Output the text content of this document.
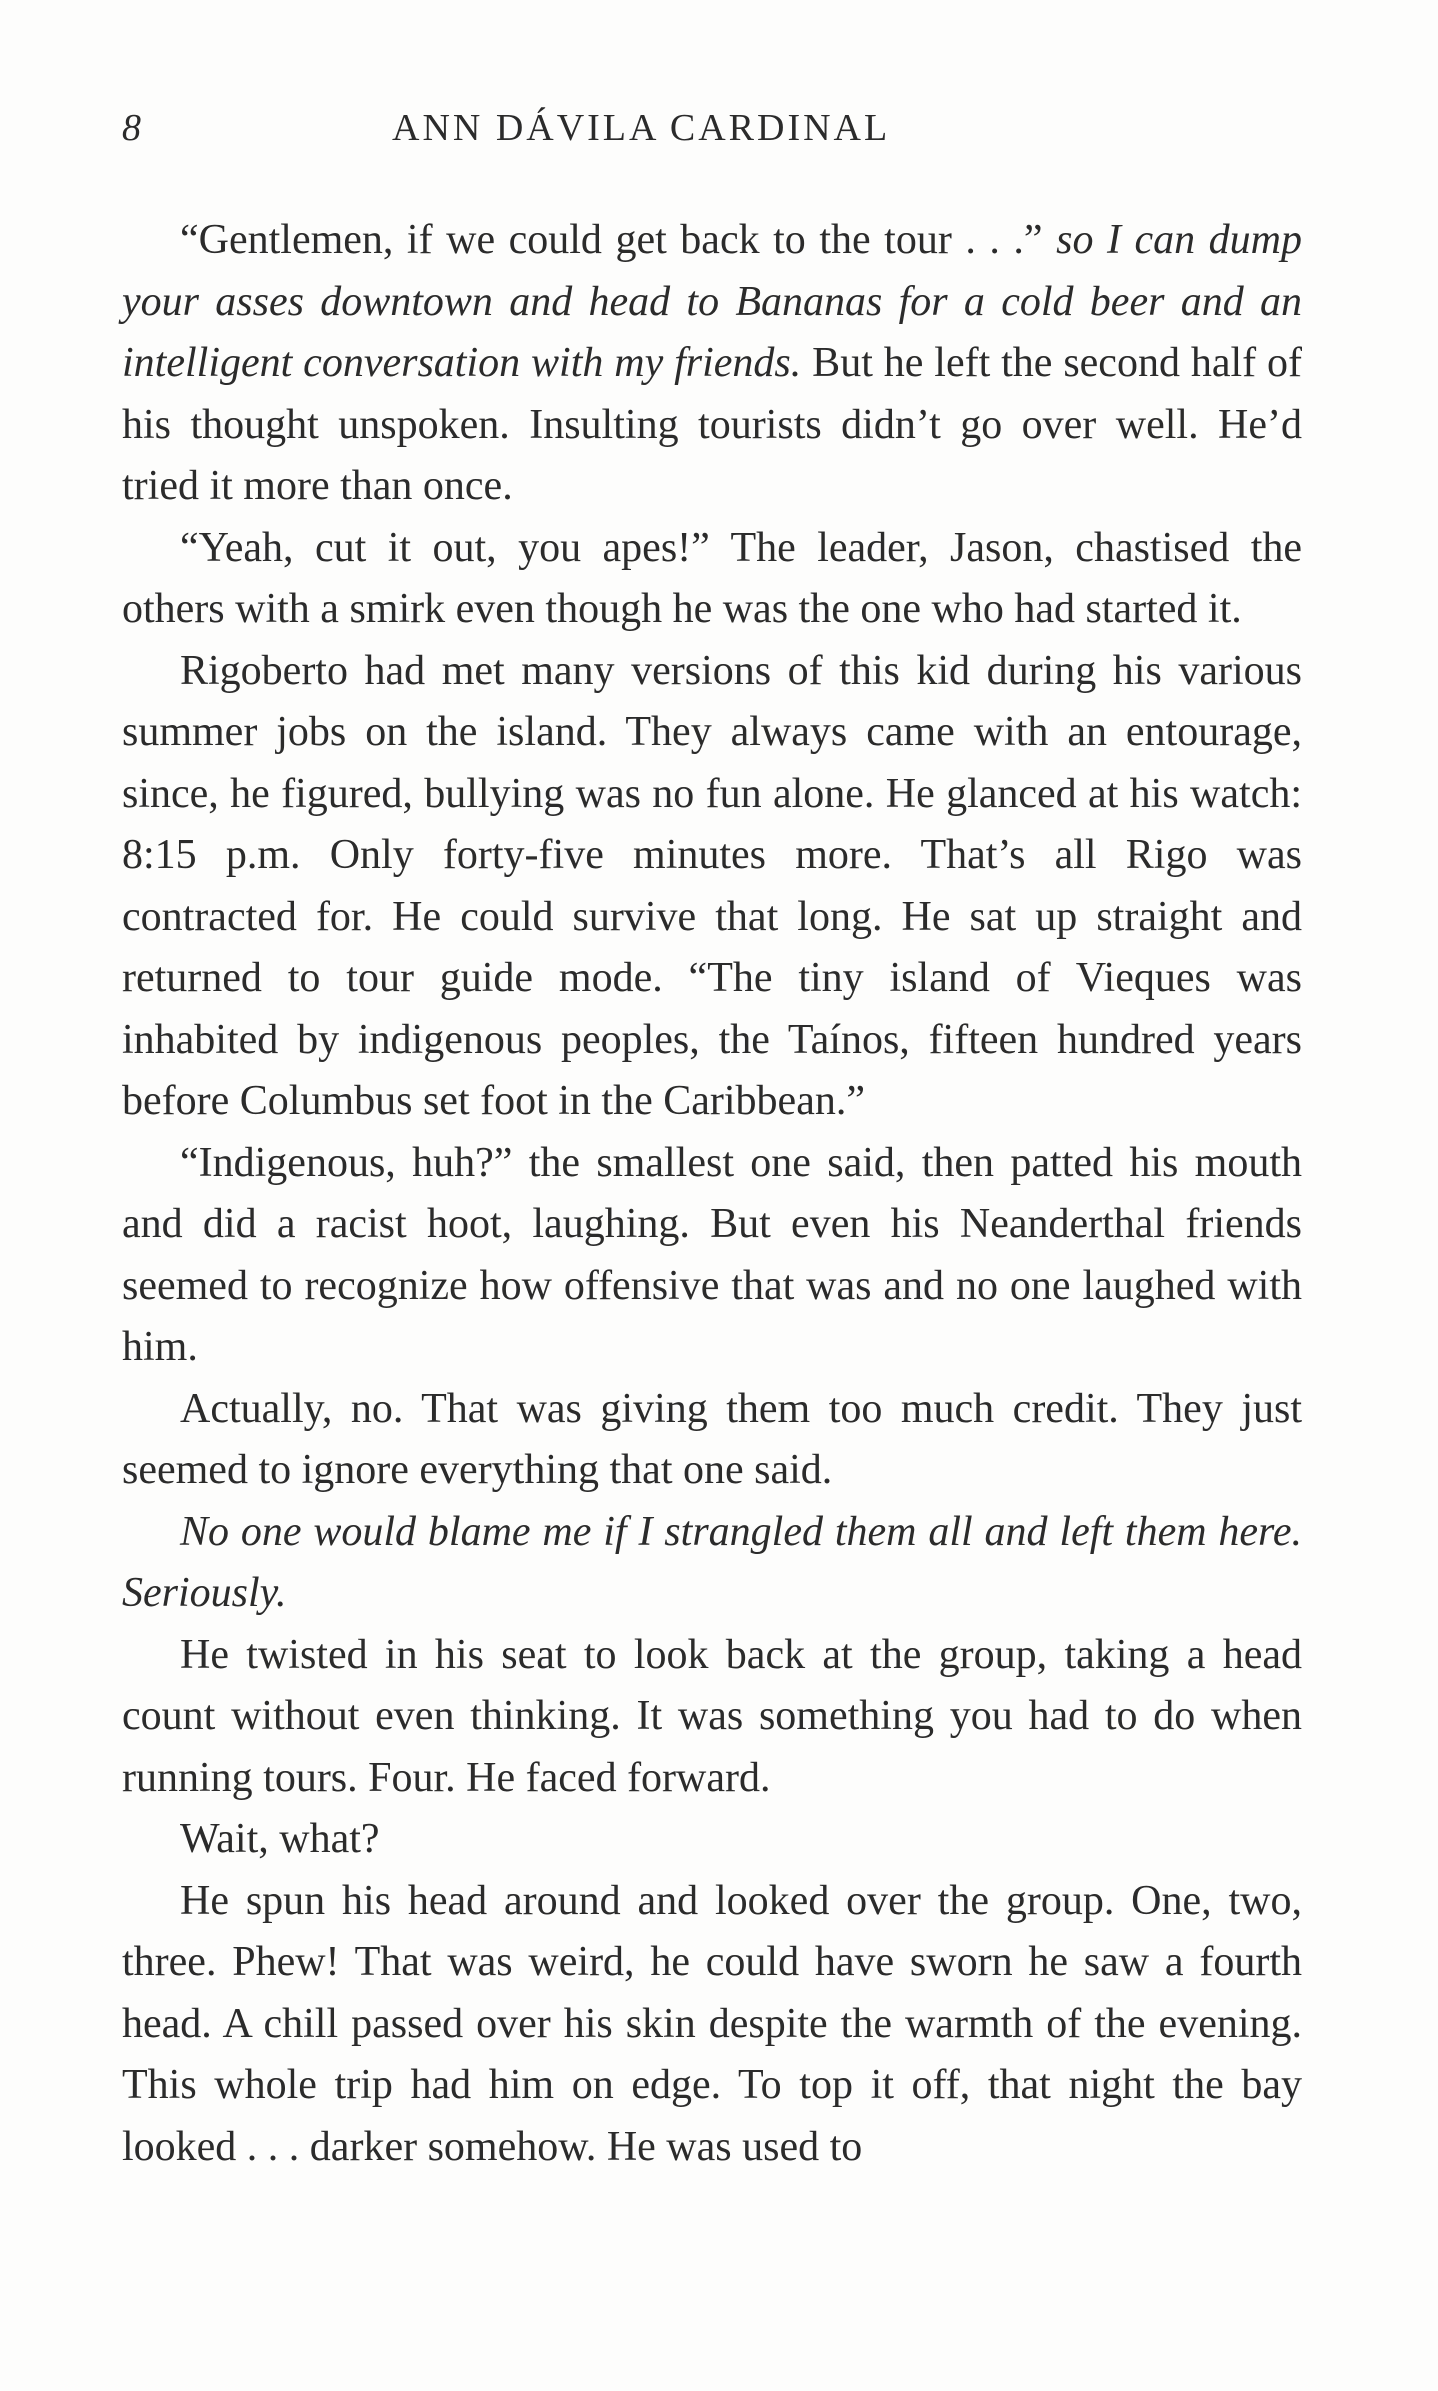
8	ANN DÁVILA CARDINAL

“Gentlemen, if we could get back to the tour . . .” so I can dump your asses downtown and head to Bananas for a cold beer and an intelligent conversation with my friends. But he left the second half of his thought unspoken. Insulting tourists didn’t go over well. He’d tried it more than once.

“Yeah, cut it out, you apes!” The leader, Jason, chastised the others with a smirk even though he was the one who had started it.

Rigoberto had met many versions of this kid during his various summer jobs on the island. They always came with an entourage, since, he figured, bullying was no fun alone. He glanced at his watch: 8:15 p.m. Only forty-five minutes more. That’s all Rigo was contracted for. He could survive that long. He sat up straight and returned to tour guide mode. “The tiny island of Vieques was inhabited by indigenous peoples, the Taínos, fifteen hundred years before Columbus set foot in the Caribbean.”

“Indigenous, huh?” the smallest one said, then patted his mouth and did a racist hoot, laughing. But even his Neanderthal friends seemed to recognize how offensive that was and no one laughed with him.

Actually, no. That was giving them too much credit. They just seemed to ignore everything that one said.

No one would blame me if I strangled them all and left them here. Seriously.

He twisted in his seat to look back at the group, taking a head count without even thinking. It was something you had to do when running tours. Four. He faced forward.

Wait, what?

He spun his head around and looked over the group. One, two, three. Phew! That was weird, he could have sworn he saw a fourth head. A chill passed over his skin despite the warmth of the evening. This whole trip had him on edge. To top it off, that night the bay looked . . . darker somehow. He was used to
